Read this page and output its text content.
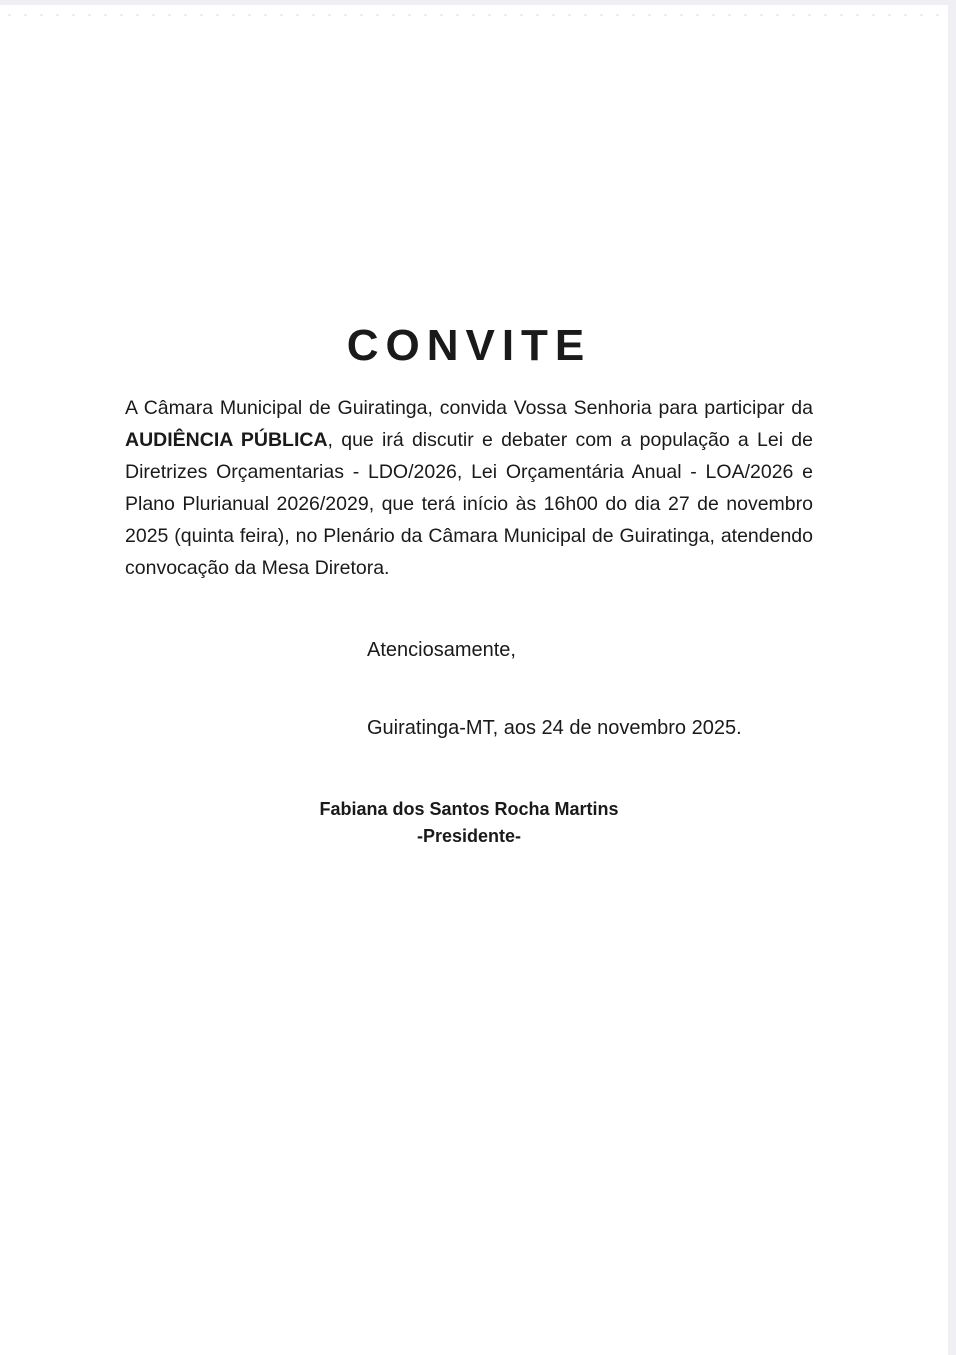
CONVITE

A Câmara Municipal de Guiratinga, convida Vossa Senhoria para participar da AUDIÊNCIA PÚBLICA, que irá discutir e debater com a população a Lei de Diretrizes Orçamentarias - LDO/2026, Lei Orçamentária Anual - LOA/2026 e Plano Plurianual 2026/2029, que terá início às 16h00 do dia 27 de novembro 2025 (quinta feira), no Plenário da Câmara Municipal de Guiratinga, atendendo convocação da Mesa Diretora.

Atenciosamente,

Guiratinga-MT, aos 24 de novembro 2025.

Fabiana dos Santos Rocha Martins
-Presidente-
